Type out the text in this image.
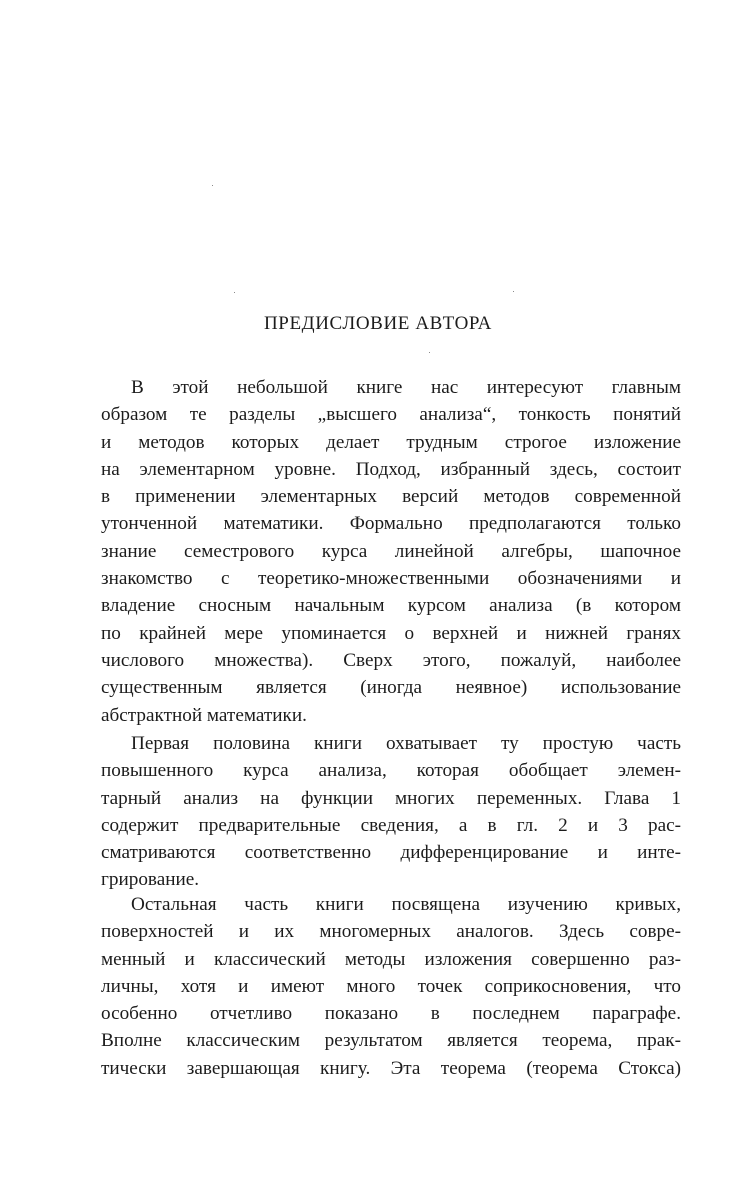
ПРЕДИСЛОВИЕ АВТОРА
В этой небольшой книге нас интересуют главным
образом те разделы „высшего анализа“, тонкость понятий
и методов которых делает трудным строгое изложение
на элементарном уровне. Подход, избранный здесь, состоит
в применении элементарных версий методов современной
утонченной математики. Формально предполагаются только
знание семестрового курса линейной алгебры, шапочное
знакомство с теоретико-множественными обозначениями и
владение сносным начальным курсом анализа (в котором
по крайней мере упоминается о верхней и нижней гранях
числового множества). Сверх этого, пожалуй, наиболее
существенным является (иногда неявное) использование
абстрактной математики.
Первая половина книги охватывает ту простую часть
повышенного курса анализа, которая обобщает элемен-
тарный анализ на функции многих переменных. Глава 1
содержит предварительные сведения, а в гл. 2 и 3 рас-
сматриваются соответственно дифференцирование и инте-
грирование.
Остальная часть книги посвящена изучению кривых,
поверхностей и их многомерных аналогов. Здесь совре-
менный и классический методы изложения совершенно раз-
личны, хотя и имеют много точек соприкосновения, что
особенно отчетливо показано в последнем параграфе.
Вполне классическим результатом является теорема, прак-
тически завершающая книгу. Эта теорема (теорема Стокса)
